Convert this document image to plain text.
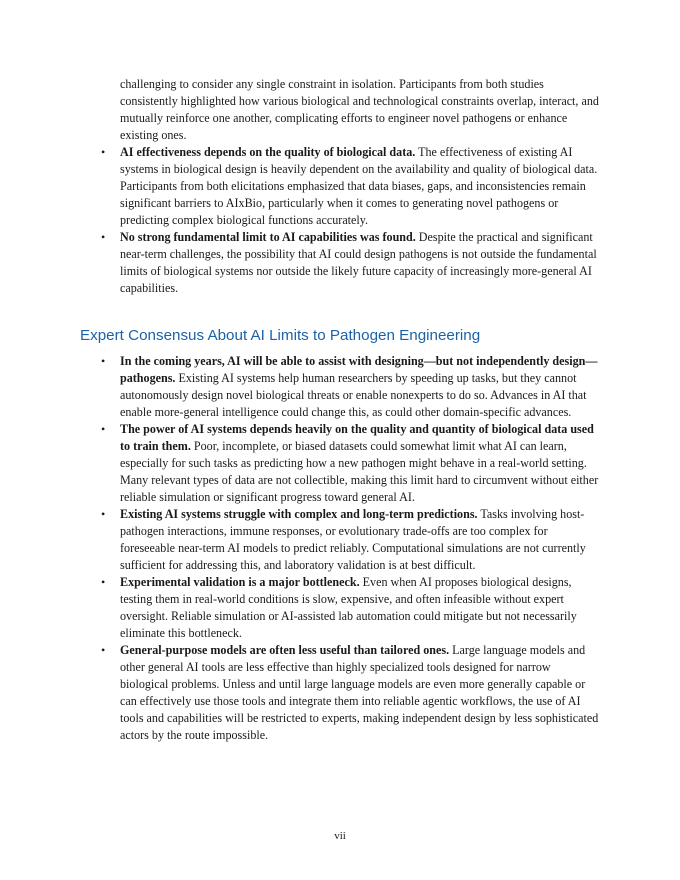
challenging to consider any single constraint in isolation. Participants from both studies consistently highlighted how various biological and technological constraints overlap, interact, and mutually reinforce one another, complicating efforts to engineer novel pathogens or enhance existing ones.

• AI effectiveness depends on the quality of biological data. The effectiveness of existing AI systems in biological design is heavily dependent on the availability and quality of biological data. Participants from both elicitations emphasized that data biases, gaps, and inconsistencies remain significant barriers to AIxBio, particularly when it comes to generating novel pathogens or predicting complex biological functions accurately.
• No strong fundamental limit to AI capabilities was found. Despite the practical and significant near-term challenges, the possibility that AI could design pathogens is not outside the fundamental limits of biological systems nor outside the likely future capacity of increasingly more-general AI capabilities.
Expert Consensus About AI Limits to Pathogen Engineering
• In the coming years, AI will be able to assist with designing—but not independently design—pathogens. Existing AI systems help human researchers by speeding up tasks, but they cannot autonomously design novel biological threats or enable nonexperts to do so. Advances in AI that enable more-general intelligence could change this, as could other domain-specific advances.
• The power of AI systems depends heavily on the quality and quantity of biological data used to train them. Poor, incomplete, or biased datasets could somewhat limit what AI can learn, especially for such tasks as predicting how a new pathogen might behave in a real-world setting. Many relevant types of data are not collectible, making this limit hard to circumvent without either reliable simulation or significant progress toward general AI.
• Existing AI systems struggle with complex and long-term predictions. Tasks involving host-pathogen interactions, immune responses, or evolutionary trade-offs are too complex for foreseeable near-term AI models to predict reliably. Computational simulations are not currently sufficient for addressing this, and laboratory validation is at best difficult.
• Experimental validation is a major bottleneck. Even when AI proposes biological designs, testing them in real-world conditions is slow, expensive, and often infeasible without expert oversight. Reliable simulation or AI-assisted lab automation could mitigate but not necessarily eliminate this bottleneck.
• General-purpose models are often less useful than tailored ones. Large language models and other general AI tools are less effective than highly specialized tools designed for narrow biological problems. Unless and until large language models are even more generally capable or can effectively use those tools and integrate them into reliable agentic workflows, the use of AI tools and capabilities will be restricted to experts, making independent design by less sophisticated actors by the route impossible.
vii
